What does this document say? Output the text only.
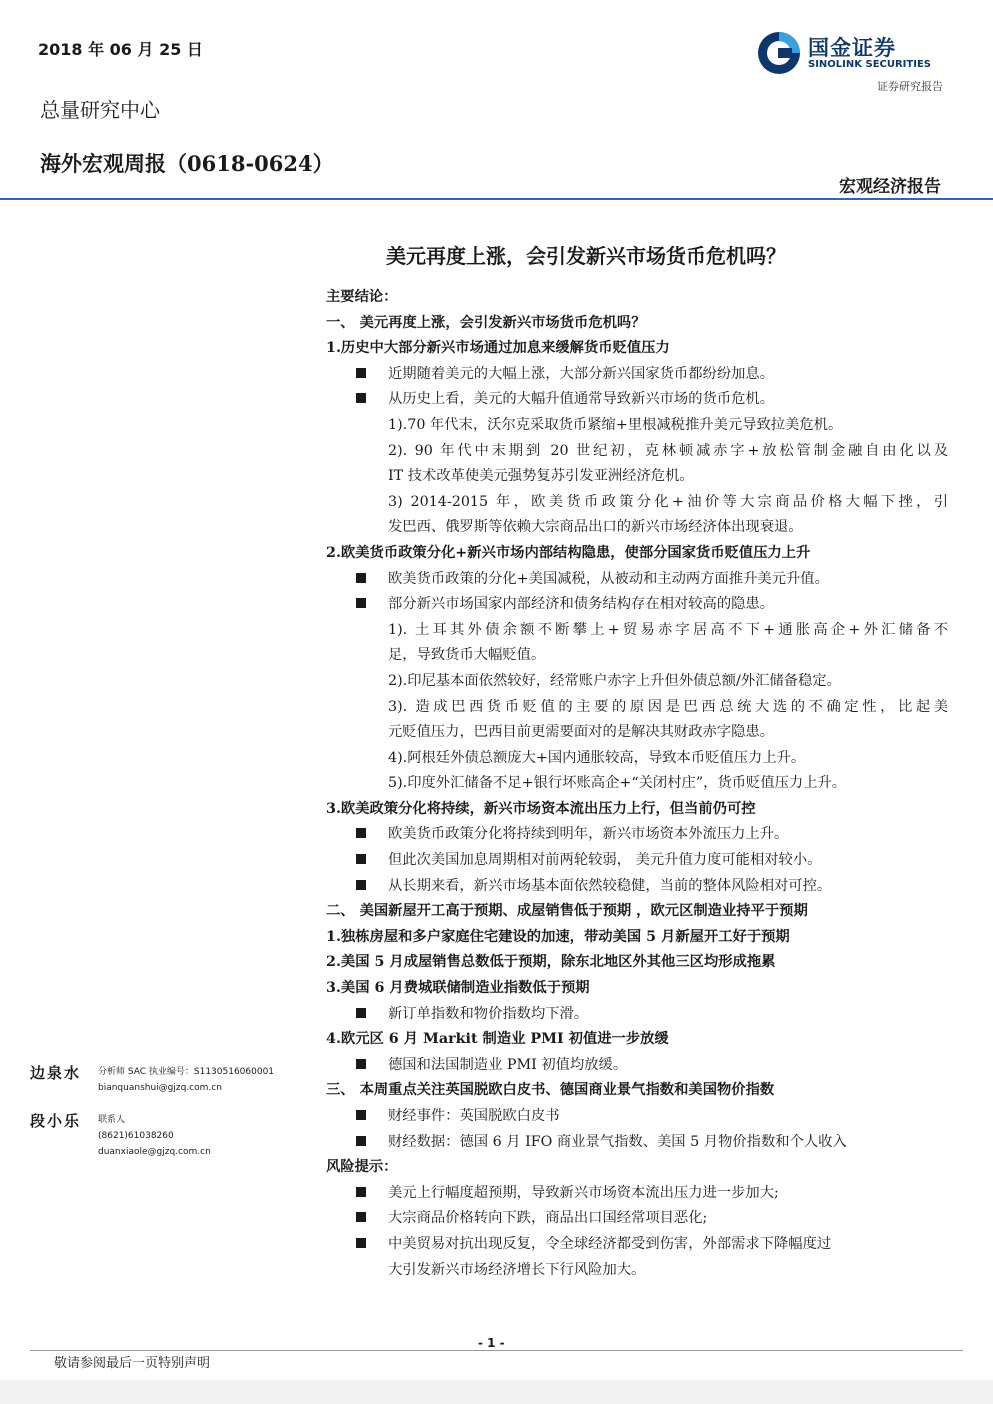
2018 年 06 月 25 日
总量研究中心
海外宏观周报（0618-0624）
国金证券
SINOLINK SECURITIES
证券研究报告
宏观经济报告
美元再度上涨，会引发新兴市场货币危机吗？
主要结论：
一、 美元再度上涨，会引发新兴市场货币危机吗？
1.历史中大部分新兴市场通过加息来缓解货币贬值压力
近期随着美元的大幅上涨，大部分新兴国家货币都纷纷加息。
从历史上看，美元的大幅升值通常导致新兴市场的货币危机。
1).70 年代末，沃尔克采取货币紧缩+里根减税推升美元导致拉美危机。
2). 90 年代中末期到 20 世纪初，克林顿减赤字+放松管制金融自由化以及
IT 技术改革使美元强势复苏引发亚洲经济危机。
3) 2014-2015 年，欧美货币政策分化+油价等大宗商品价格大幅下挫，引
发巴西、俄罗斯等依赖大宗商品出口的新兴市场经济体出现衰退。
2.欧美货币政策分化+新兴市场内部结构隐患，使部分国家货币贬值压力上升
欧美货币政策的分化+美国减税，从被动和主动两方面推升美元升值。
部分新兴市场国家内部经济和债务结构存在相对较高的隐患。
1). 土耳其外债余额不断攀上+贸易赤字居高不下+通胀高企+外汇储备不
足，导致货币大幅贬值。
2).印尼基本面依然较好，经常账户赤字上升但外债总额/外汇储备稳定。
3). 造成巴西货币贬值的主要的原因是巴西总统大选的不确定性，比起美
元贬值压力，巴西目前更需要面对的是解决其财政赤字隐患。
4).阿根廷外债总额庞大+国内通胀较高，导致本币贬值压力上升。
5).印度外汇储备不足+银行坏账高企+“关闭村庄”，货币贬值压力上升。
3.欧美政策分化将持续，新兴市场资本流出压力上行，但当前仍可控
欧美货币政策分化将持续到明年，新兴市场资本外流压力上升。
但此次美国加息周期相对前两轮较弱， 美元升值力度可能相对较小。
从长期来看，新兴市场基本面依然较稳健，当前的整体风险相对可控。
二、 美国新屋开工高于预期、成屋销售低于预期 ，欧元区制造业持平于预期
1.独栋房屋和多户家庭住宅建设的加速，带动美国 5 月新屋开工好于预期
2.美国 5 月成屋销售总数低于预期，除东北地区外其他三区均形成拖累
3.美国 6 月费城联储制造业指数低于预期
新订单指数和物价指数均下滑。
4.欧元区 6 月 Markit 制造业 PMI 初值进一步放缓
德国和法国制造业 PMI 初值均放缓。
三、 本周重点关注英国脱欧白皮书、德国商业景气指数和美国物价指数
财经事件：英国脱欧白皮书
财经数据：德国 6 月 IFO 商业景气指数、美国 5 月物价指数和个人收入
风险提示：
美元上行幅度超预期，导致新兴市场资本流出压力进一步加大;
大宗商品价格转向下跌，商品出口国经常项目恶化;
中美贸易对抗出现反复，令全球经济都受到伤害，外部需求下降幅度过
大引发新兴市场经济增长下行风险加大。
边泉水 分析师 SAC 执业编号：S1130516060001
bianquanshui@gjzq.com.cn
段小乐 联系人
(8621)61038260
duanxiaole@gjzq.com.cn
- 1 -
敬请参阅最后一页特别声明
